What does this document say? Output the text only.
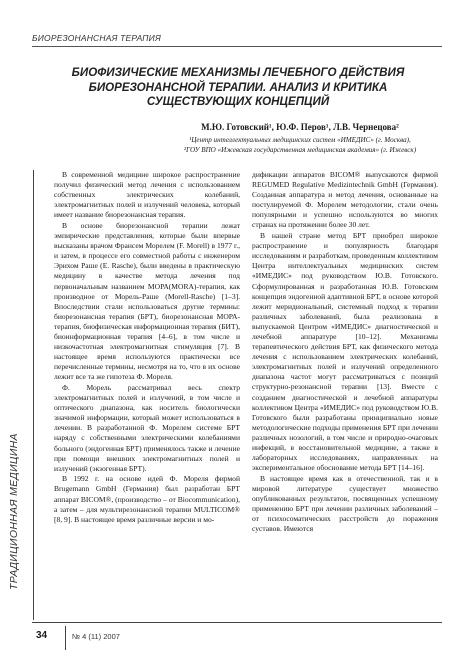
БИОРЕЗОНАНСНАЯ ТЕРАПИЯ
БИОФИЗИЧЕСКИЕ МЕХАНИЗМЫ ЛЕЧЕБНОГО ДЕЙСТВИЯ БИОРЕЗОНАНСНОЙ ТЕРАПИИ. АНАЛИЗ И КРИТИКА СУЩЕСТВУЮЩИХ КОНЦЕПЦИЙ

М.Ю. Готовский¹, Ю.Ф. Перов¹, Л.В. Чернецова²

¹Центр интеллектуальных медицинских систем «ИМЕДИС» (г. Москва),

²ГОУ ВПО «Ижевская государственная медицинская академия» (г. Ижевск)

ТРАДИЦИОННАЯ МЕДИЦИНА

В современной медицине широкое распространение получил физический метод лечения с использованием собственных электрических колебаний, электромагнитных полей и излучений человека, который имеет название биорезонансная терапия.

В основе биорезонансной терапии лежат эмпирические представления, которые были впервые высказаны врачом Франсем Морелем (F. Morell) в 1977 г., и затем, в процессе его совместной работы с инженером Эрихом Раше (E. Rasche), были введены в практическую медицину в качестве метода лечения под первоначальным названием МОРА(MORA)-терапия, как производное от Морель-Раше (Morell-Rasche) [1–3]. Впоследствии стали использоваться другие термины: биорезонансная терапия (БРТ), биорезонансная МОРА-терапия, биофизическая информационная терапия (БИТ), биоинформационная терапия [4–6], в том числе и низкочастотная электромагнитная стимуляция [7]. В настоящее время используются практически все перечисленные термины, несмотря на то, что в их основе лежит все та же гипотеза Ф. Мореля.

Ф. Морель рассматривал весь спектр электромагнитных полей и излучений, в том числе и оптического диапазона, как носитель биологически значимой информации, который может использоваться в лечении. В разработанной Ф. Морелем системе БРТ наряду с собственными электрическими колебаниями больного (эндогенная БРТ) применялось также и лечение при помощи внешних электромагнитных полей и излучений (экзогенная БРТ).

В 1992 г. на основе идей Ф. Мореля фирмой Brugemann GmbH (Германия) был разработан БРТ аппарат BICOM®, (производство – от Biocommunication), а затем – для мультирезонансной терапии MULTICOM® [8, 9]. В настоящее время различные версии и мо-

дификации аппаратов BICOM® выпускаются фирмой REGUMED Regulative Medizintechnik GmbH (Германия). Созданная аппаратура и метод лечения, основанные на постулируемой Ф. Морелем методологии, стали очень популярными и успешно используются во многих странах на протяжении более 30 лет.

В нашей стране метод БРТ приобрел широкое распространение и популярность благодаря исследованиям и разработкам, проведенным коллективом Центра интеллектуальных медицинских систем «ИМЕДИС» под руководством Ю.В. Готовского. Сформулированная и разработанная Ю.В. Готовским концепция эндогенной адаптивной БРТ, в основе которой лежит меридиональный, системный подход к терапии различных заболеваний, была реализована в выпускаемой Центром «ИМЕДИС» диагностической и лечебной аппаратуре [10–12]. Механизмы терапевтического действия БРТ, как физического метода лечения с использованием электрических колебаний, электромагнитных полей и излучений определенного диапазона частот могут рассматриваться с позиций структурно-резонансной терапии [13]. Вместе с созданием диагностической и лечебной аппаратуры коллективом Центра «ИМЕДИС» под руководством Ю.В. Готовского были разработаны принципиально новые методологические подходы применения БРТ при лечении различных нозологий, в том числе и природно-очаговых инфекций, в восстановительной медицине, а также в лабораторных исследованиях, направленных на экспериментальное обоснование метода БРТ [14–16].

В настоящее время как в отечественной, так и в мировой литературе существует множество опубликованных результатов, посвященных успешному применению БРТ при лечении различных заболеваний – от психосоматических расстройств до поражения суставов. Имеются

34	№ 4 (11) 2007
